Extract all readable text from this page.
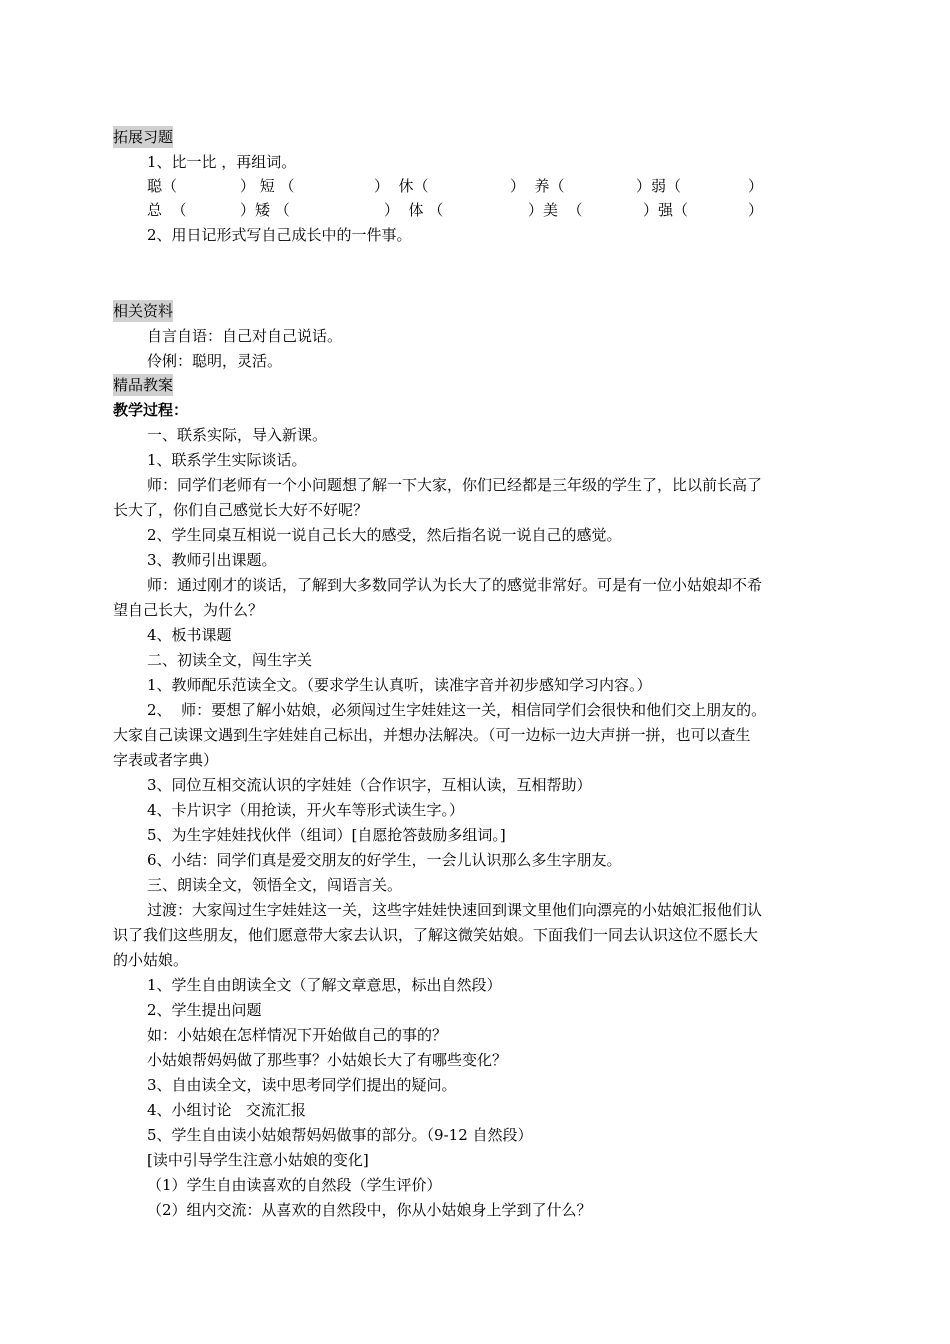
拓展习题
1、比一比 ，再组词。
聪（	） 短 （	）  休（	）  养（	）弱（	）
总  （	）矮 （	）  体 （	）美  （	）强（	）
2、用日记形式写自己成长中的一件事。
相关资料
自言自语：自己对自己说话。
伶俐：聪明，灵活。
精品教案
教学过程：
一、联系实际，导入新课。
1、联系学生实际谈话。
师：同学们老师有一个小问题想了解一下大家，你们已经都是三年级的学生了，比以前长高了
长大了，你们自己感觉长大好不好呢？
2、学生同桌互相说一说自己长大的感受，然后指名说一说自己的感觉。
3、教师引出课题。
师：通过刚才的谈话，了解到大多数同学认为长大了的感觉非常好。可是有一位小姑娘却不希
望自己长大，为什么？
4、板书课题
二、初读全文，闯生字关
1、教师配乐范读全文。（要求学生认真听，读准字音并初步感知学习内容。）
2、  师：要想了解小姑娘，必须闯过生字娃娃这一关，相信同学们会很快和他们交上朋友的。
大家自己读课文遇到生字娃娃自己标出，并想办法解决。（可一边标一边大声拼一拼，也可以查生
字表或者字典）
3、同位互相交流认识的字娃娃（合作识字，互相认读，互相帮助）
4、卡片识字（用抢读，开火车等形式读生字。）
5、为生字娃娃找伙伴（组词）[自愿抢答鼓励多组词。]
6、小结：同学们真是爱交朋友的好学生，一会儿认识那么多生字朋友。
三、朗读全文，领悟全文，闯语言关。
过渡：大家闯过生字娃娃这一关，这些字娃娃快速回到课文里他们向漂亮的小姑娘汇报他们认
识了我们这些朋友，他们愿意带大家去认识，了解这微笑姑娘。下面我们一同去认识这位不愿长大
的小姑娘。
1、学生自由朗读全文（了解文章意思，标出自然段）
2、学生提出问题
如：小姑娘在怎样情况下开始做自己的事的？
小姑娘帮妈妈做了那些事？小姑娘长大了有哪些变化？
3、自由读全文，读中思考同学们提出的疑问。
4、小组讨论   交流汇报
5、学生自由读小姑娘帮妈妈做事的部分。（9-12 自然段）
[读中引导学生注意小姑娘的变化]
（1）学生自由读喜欢的自然段（学生评价）
（2）组内交流：从喜欢的自然段中，你从小姑娘身上学到了什么？
